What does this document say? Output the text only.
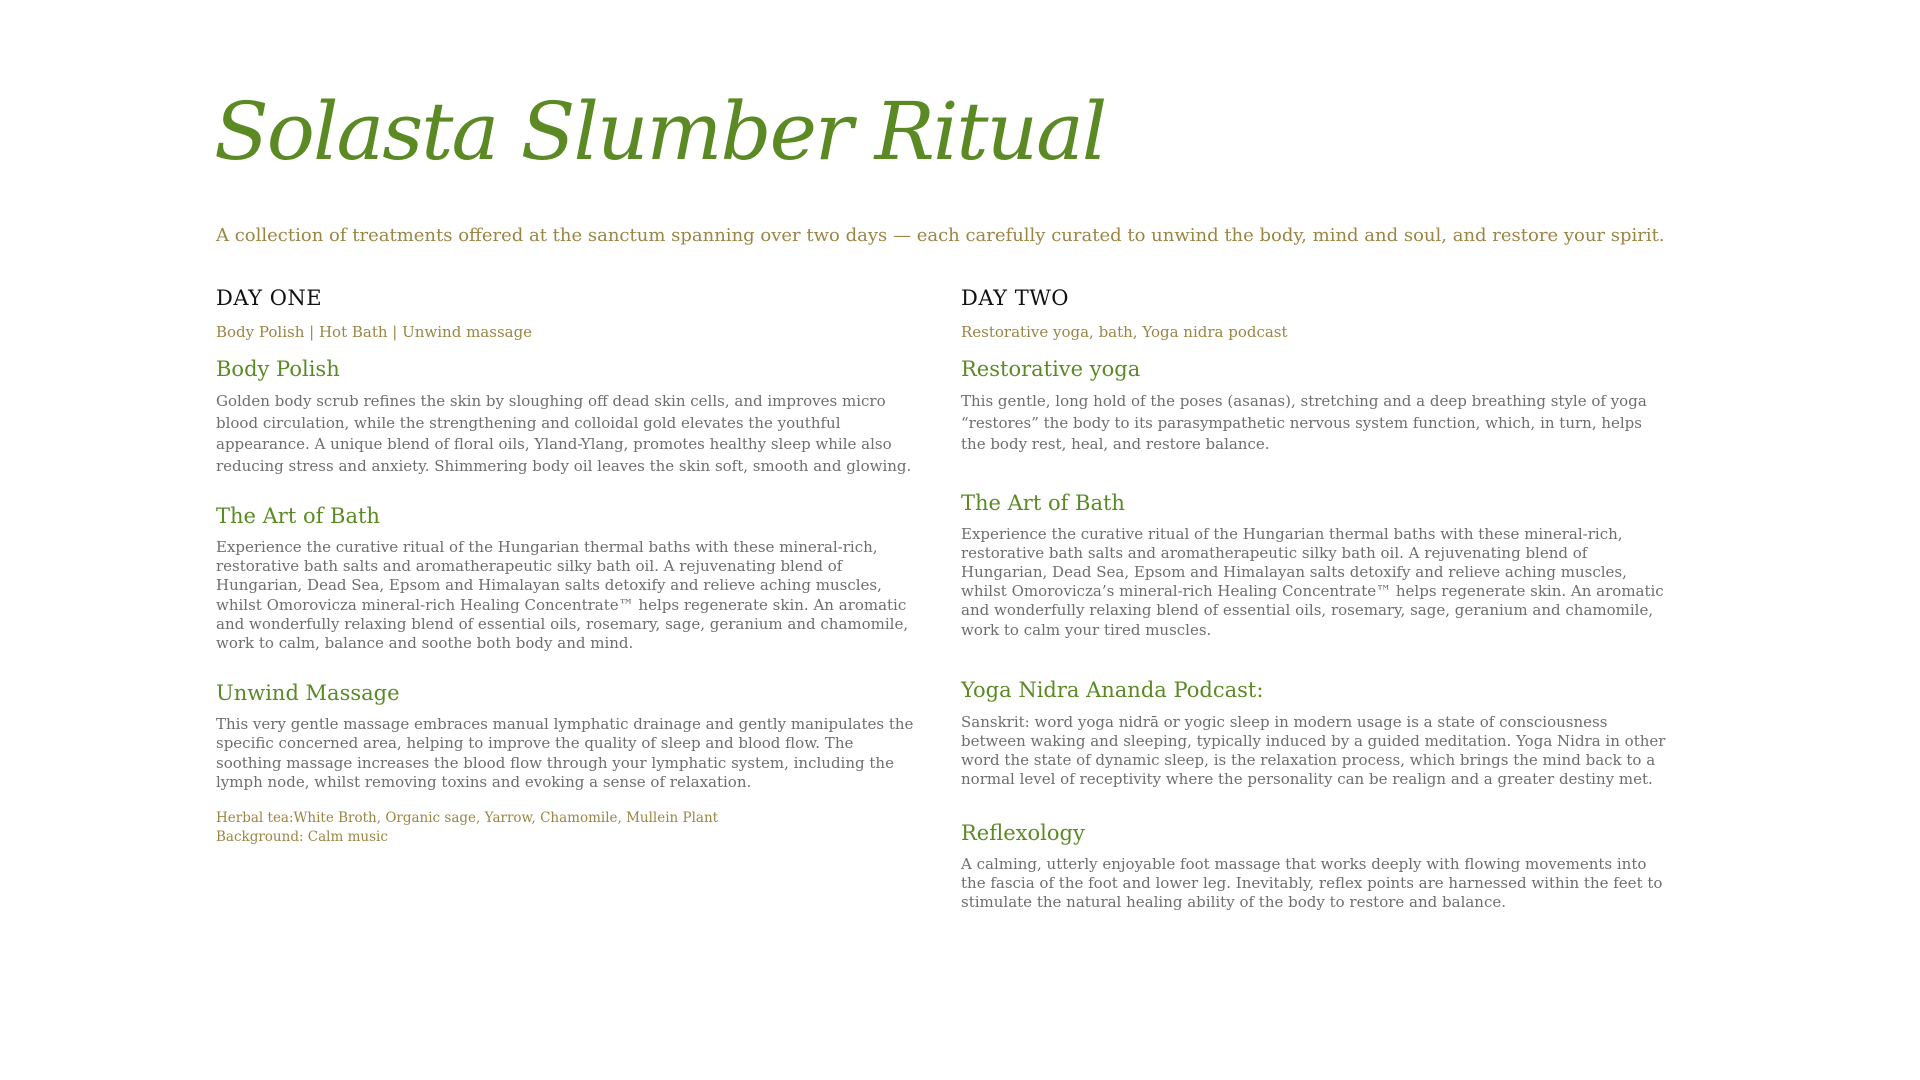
Solasta Slumber Ritual
A collection of treatments offered at the sanctum spanning over two days — each carefully curated to unwind the body, mind and soul, and restore your spirit.

DAY ONE

Body Polish | Hot Bath | Unwind massage

Body Polish

Golden body scrub refines the skin by sloughing off dead skin cells, and improves micro blood circulation, while the strengthening and colloidal gold elevates the youthful appearance. A unique blend of floral oils, Yland-Ylang, promotes healthy sleep while also reducing stress and anxiety. Shimmering body oil leaves the skin soft, smooth and glowing.

The Art of Bath

Experience the curative ritual of the Hungarian thermal baths with these mineral-rich, restorative bath salts and aromatherapeutic silky bath oil. A rejuvenating blend of Hungarian, Dead Sea, Epsom and Himalayan salts detoxify and relieve aching muscles, whilst Omorovicza mineral-rich Healing Concentrate™ helps regenerate skin. An aromatic and wonderfully relaxing blend of essential oils, rosemary, sage, geranium and chamomile, work to calm, balance and soothe both body and mind.

Unwind Massage

This very gentle massage embraces manual lymphatic drainage and gently manipulates the specific concerned area, helping to improve the quality of sleep and blood flow. The soothing massage increases the blood flow through your lymphatic system, including the lymph node, whilst removing toxins and evoking a sense of relaxation.

Herbal tea:White Broth, Organic sage, Yarrow, Chamomile, Mullein Plant

Background: Calm music

DAY TWO

Restorative yoga, bath, Yoga nidra podcast

Restorative yoga

This gentle, long hold of the poses (asanas), stretching and a deep breathing style of yoga “restores” the body to its parasympathetic nervous system function, which, in turn, helps the body rest, heal, and restore balance.

The Art of Bath

Experience the curative ritual of the Hungarian thermal baths with these mineral-rich, restorative bath salts and aromatherapeutic silky bath oil. A rejuvenating blend of Hungarian, Dead Sea, Epsom and Himalayan salts detoxify and relieve aching muscles, whilst Omorovicza’s mineral-rich Healing Concentrate™ helps regenerate skin. An aromatic and wonderfully relaxing blend of essential oils, rosemary, sage, geranium and chamomile, work to calm your tired muscles.

Yoga Nidra Ananda Podcast:

Sanskrit: word yoga nidrā or yogic sleep in modern usage is a state of consciousness between waking and sleeping, typically induced by a guided meditation. Yoga Nidra in other word the state of dynamic sleep, is the relaxation process, which brings the mind back to a normal level of receptivity where the personality can be realign and a greater destiny met.

Reflexology

A calming, utterly enjoyable foot massage that works deeply with flowing movements into the fascia of the foot and lower leg. Inevitably, reflex points are harnessed within the feet to stimulate the natural healing ability of the body to restore and balance.
